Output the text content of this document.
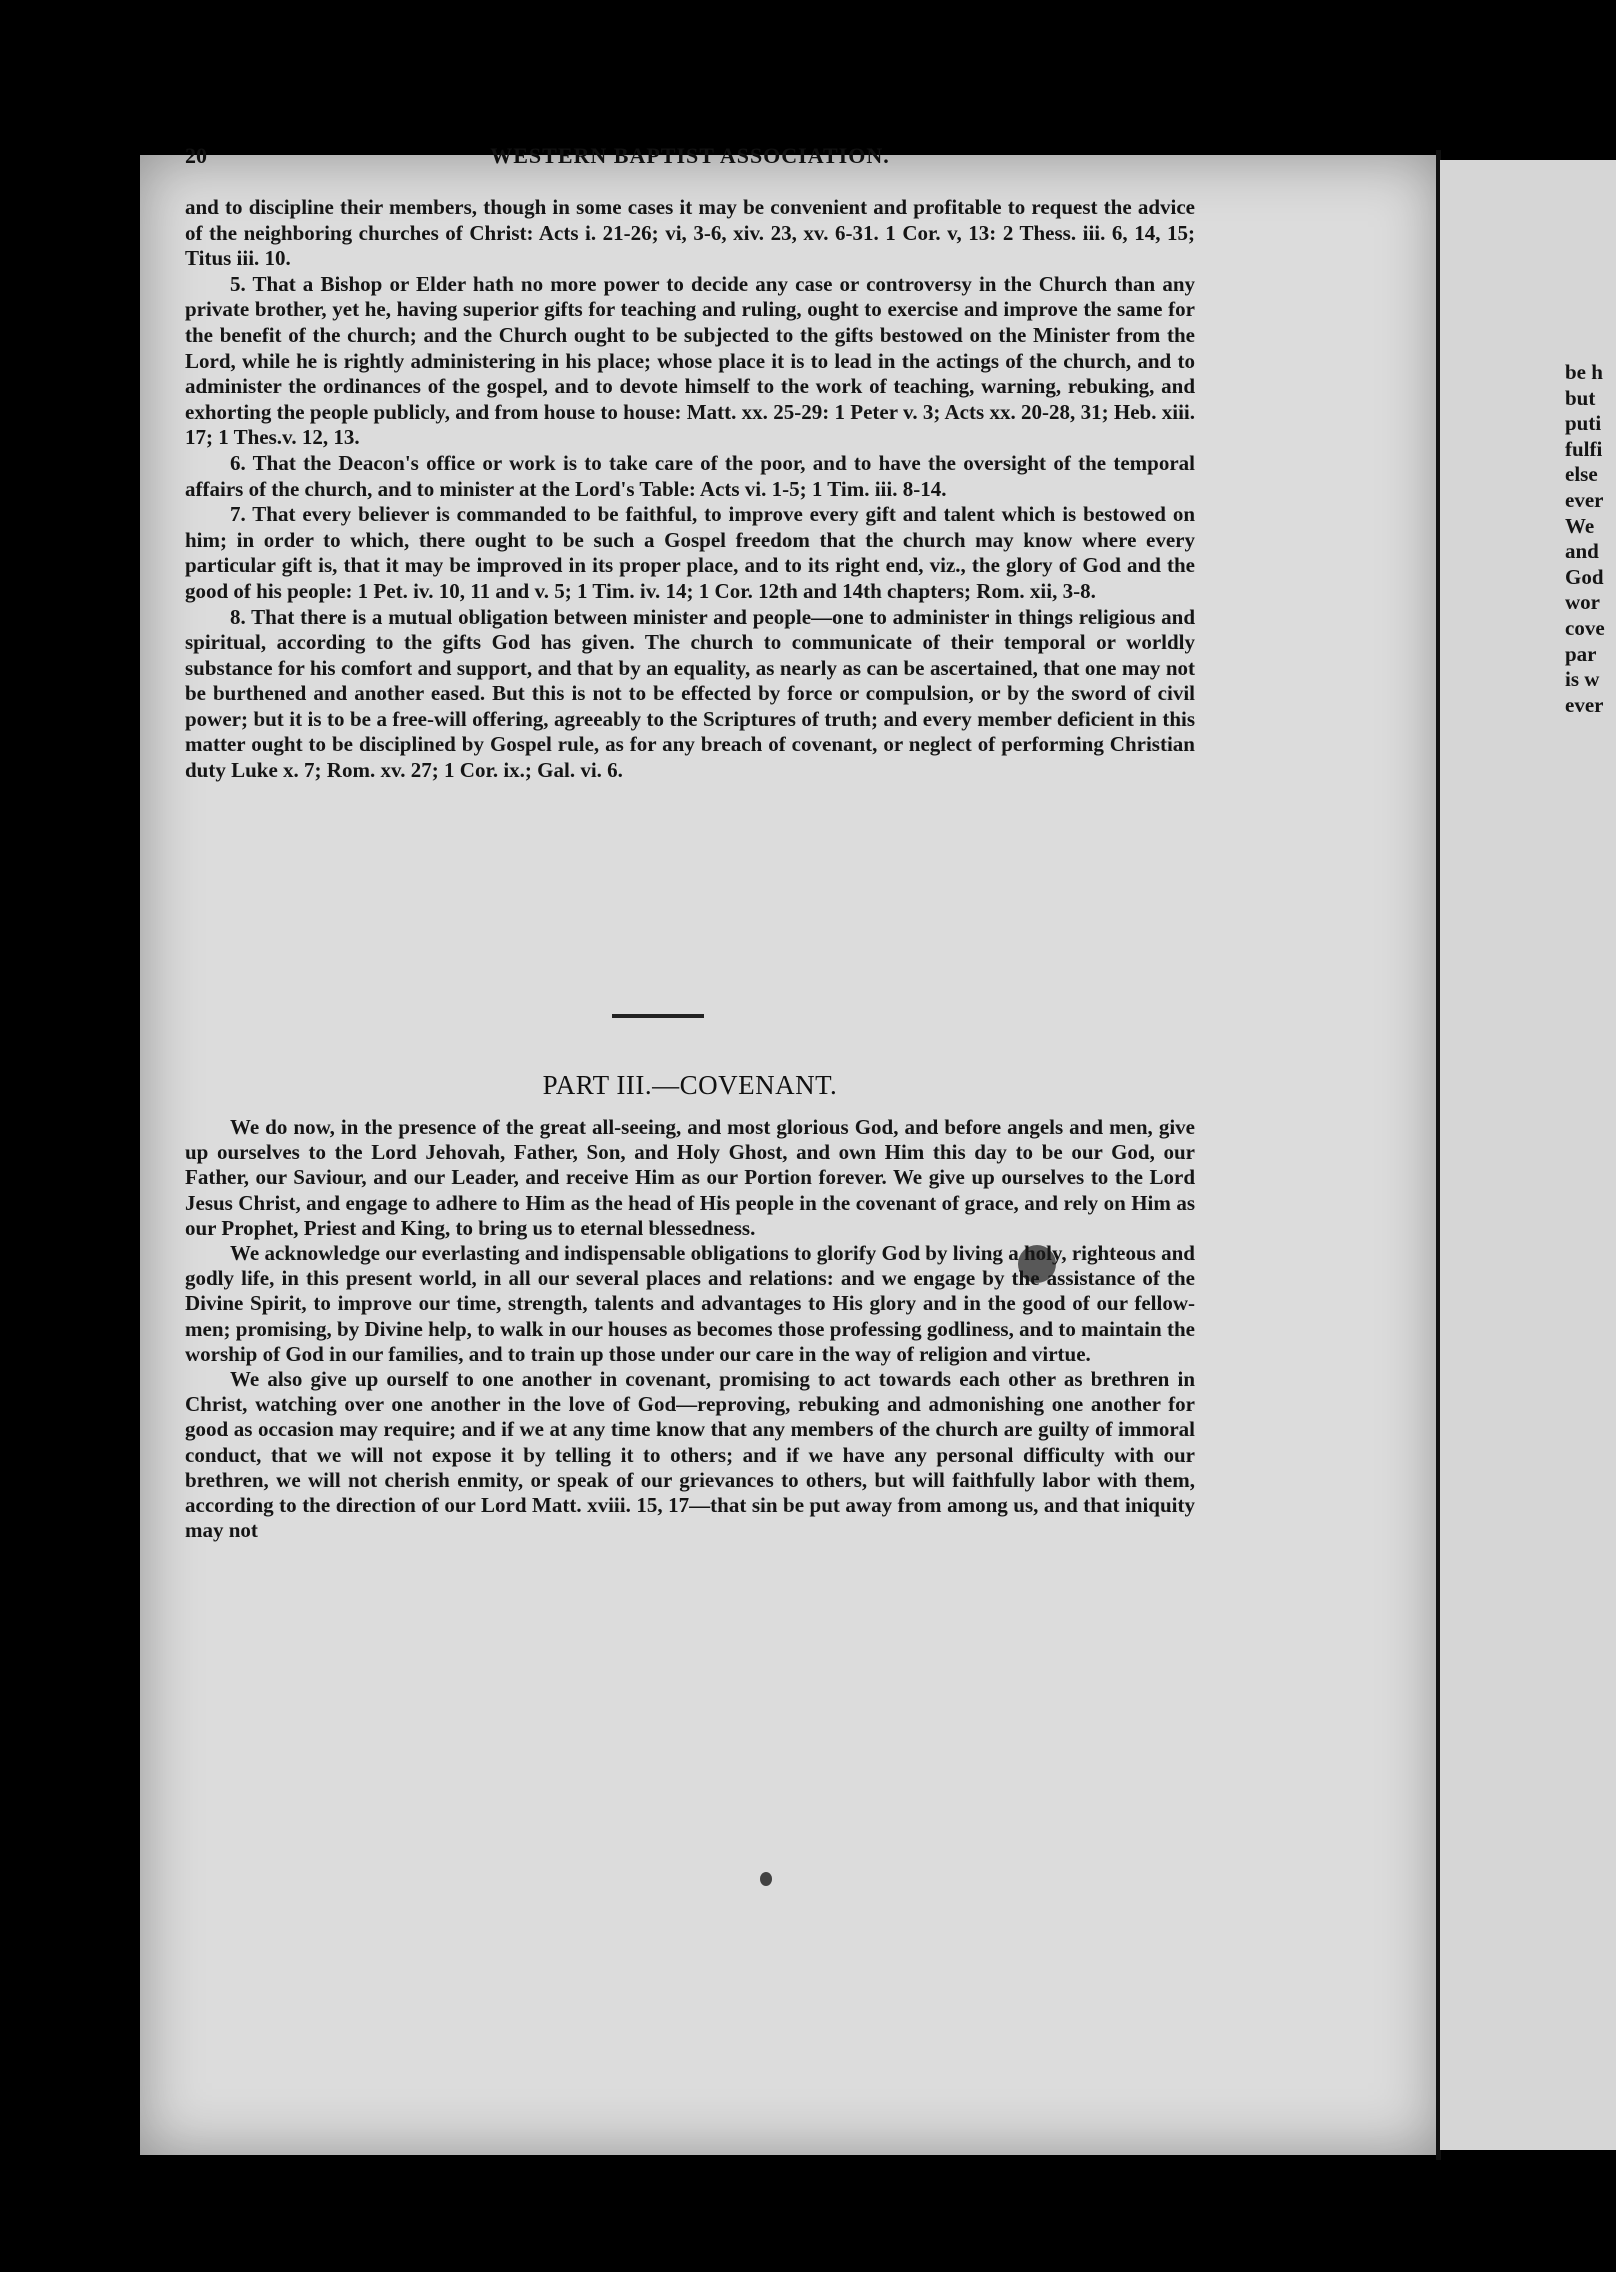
20	WESTERN BAPTIST ASSOCIATION.

and to discipline their members, though in some cases it may be convenient and profitable to request the advice of the neighboring churches of Christ: Acts i. 21-26; vi, 3-6, xiv. 23, xv. 6-31. 1 Cor. v, 13: 2 Thess. iii. 6, 14, 15; Titus iii. 10.

5. That a Bishop or Elder hath no more power to decide any case or controversy in the Church than any private brother, yet he, having superior gifts for teaching and ruling, ought to exercise and improve the same for the benefit of the church; and the Church ought to be subjected to the gifts bestowed on the Minister from the Lord, while he is rightly administering in his place; whose place it is to lead in the actings of the church, and to administer the ordinances of the gospel, and to devote himself to the work of teaching, warning, rebuking, and exhorting the people publicly, and from house to house: Matt. xx. 25-29: 1 Peter v. 3; Acts xx. 20-28, 31; Heb. xiii. 17; 1 Thes.v. 12, 13.

6. That the Deacon's office or work is to take care of the poor, and to have the oversight of the temporal affairs of the church, and to minister at the Lord's Table: Acts vi. 1-5; 1 Tim. iii. 8-14.

7. That every believer is commanded to be faithful, to improve every gift and talent which is bestowed on him; in order to which, there ought to be such a Gospel freedom that the church may know where every particular gift is, that it may be improved in its proper place, and to its right end, viz., the glory of God and the good of his people: 1 Pet. iv. 10, 11 and v. 5; 1 Tim. iv. 14; 1 Cor. 12th and 14th chapters; Rom. xii, 3-8.

8. That there is a mutual obligation between minister and people—one to administer in things religious and spiritual, according to the gifts God has given. The church to communicate of their temporal or worldly substance for his comfort and support, and that by an equality, as nearly as can be ascertained, that one may not be burthened and another eased. But this is not to be effected by force or compulsion, or by the sword of civil power; but it is to be a free-will offering, agreeably to the Scriptures of truth; and every member deficient in this matter ought to be disciplined by Gospel rule, as for any breach of covenant, or neglect of performing Christian duty Luke x. 7; Rom. xv. 27; 1 Cor. ix.; Gal. vi. 6.

PART III.—COVENANT.

We do now, in the presence of the great all-seeing, and most glorious God, and before angels and men, give up ourselves to the Lord Jehovah, Father, Son, and Holy Ghost, and own Him this day to be our God, our Father, our Saviour, and our Leader, and receive Him as our Portion forever. We give up ourselves to the Lord Jesus Christ, and engage to adhere to Him as the head of His people in the covenant of grace, and rely on Him as our Prophet, Priest and King, to bring us to eternal blessedness.

We acknowledge our everlasting and indispensable obligations to glorify God by living a holy, righteous and godly life, in this present world, in all our several places and relations: and we engage by the assistance of the Divine Spirit, to improve our time, strength, talents and advantages to His glory and in the good of our fellow-men; promising, by Divine help, to walk in our houses as becomes those professing godliness, and to maintain the worship of God in our families, and to train up those under our care in the way of religion and virtue.

We also give up ourself to one another in covenant, promising to act towards each other as brethren in Christ, watching over one another in the love of God—reproving, rebuking and admonishing one another for good as occasion may require; and if we at any time know that any members of the church are guilty of immoral conduct, that we will not expose it by telling it to others; and if we have any personal difficulty with our brethren, we will not cherish enmity, or speak of our grievances to others, but will faithfully labor with them, according to the direction of our Lord Matt. xviii. 15, 17—that sin be put away from among us, and that iniquity may not

be h
but
puti
fulfi
else
ever
We
and
God
wor
cove
par
is w
ever
